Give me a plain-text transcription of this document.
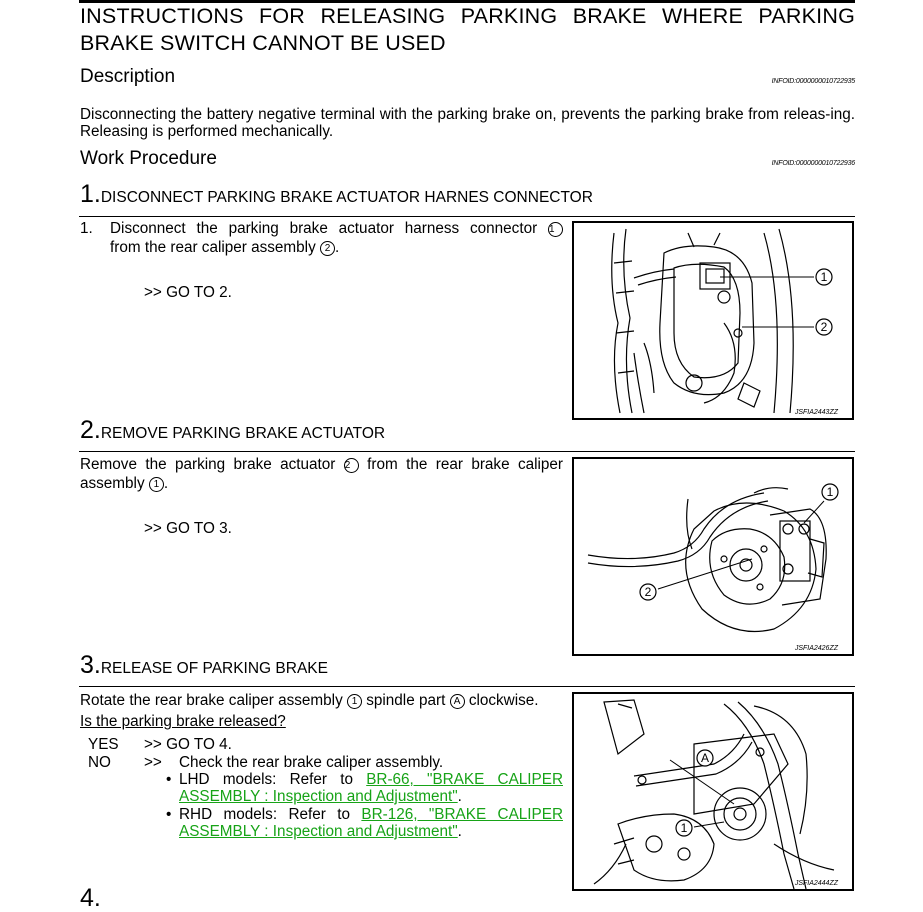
INSTRUCTIONS FOR RELEASING PARKING BRAKE WHERE PARKING BRAKE SWITCH CANNOT BE USED
Description	INFOID:0000000010722935
Disconnecting the battery negative terminal with the parking brake on, prevents the parking brake from releas-ing. Releasing is performed mechanically.
Work Procedure	INFOID:0000000010722936
1.DISCONNECT PARKING BRAKE ACTUATOR HARNES CONNECTOR
1.	Disconnect the parking brake actuator harness connector 1
from the rear caliper assembly 2 .
>> GO TO 2.
1
2
JSFIA2443ZZ
2.REMOVE PARKING BRAKE ACTUATOR
Remove the parking brake actuator 2 from the rear brake caliper
assembly 1 .
>> GO TO 3.
1
2
JSFIA2426ZZ
3.RELEASE OF PARKING BRAKE
Rotate the rear brake caliper assembly 1 spindle part A clockwise.
Is the parking brake released?
YES >> GO TO 4.
NO >> Check the rear brake caliper assembly.
• LHD models: Refer to BR-66, "BRAKE CALIPER
ASSEMBLY : Inspection and Adjustment".
• RHD models: Refer to BR-126, "BRAKE CALIPER
ASSEMBLY : Inspection and Adjustment".
A
1
JSFIA2444ZZ
4.
